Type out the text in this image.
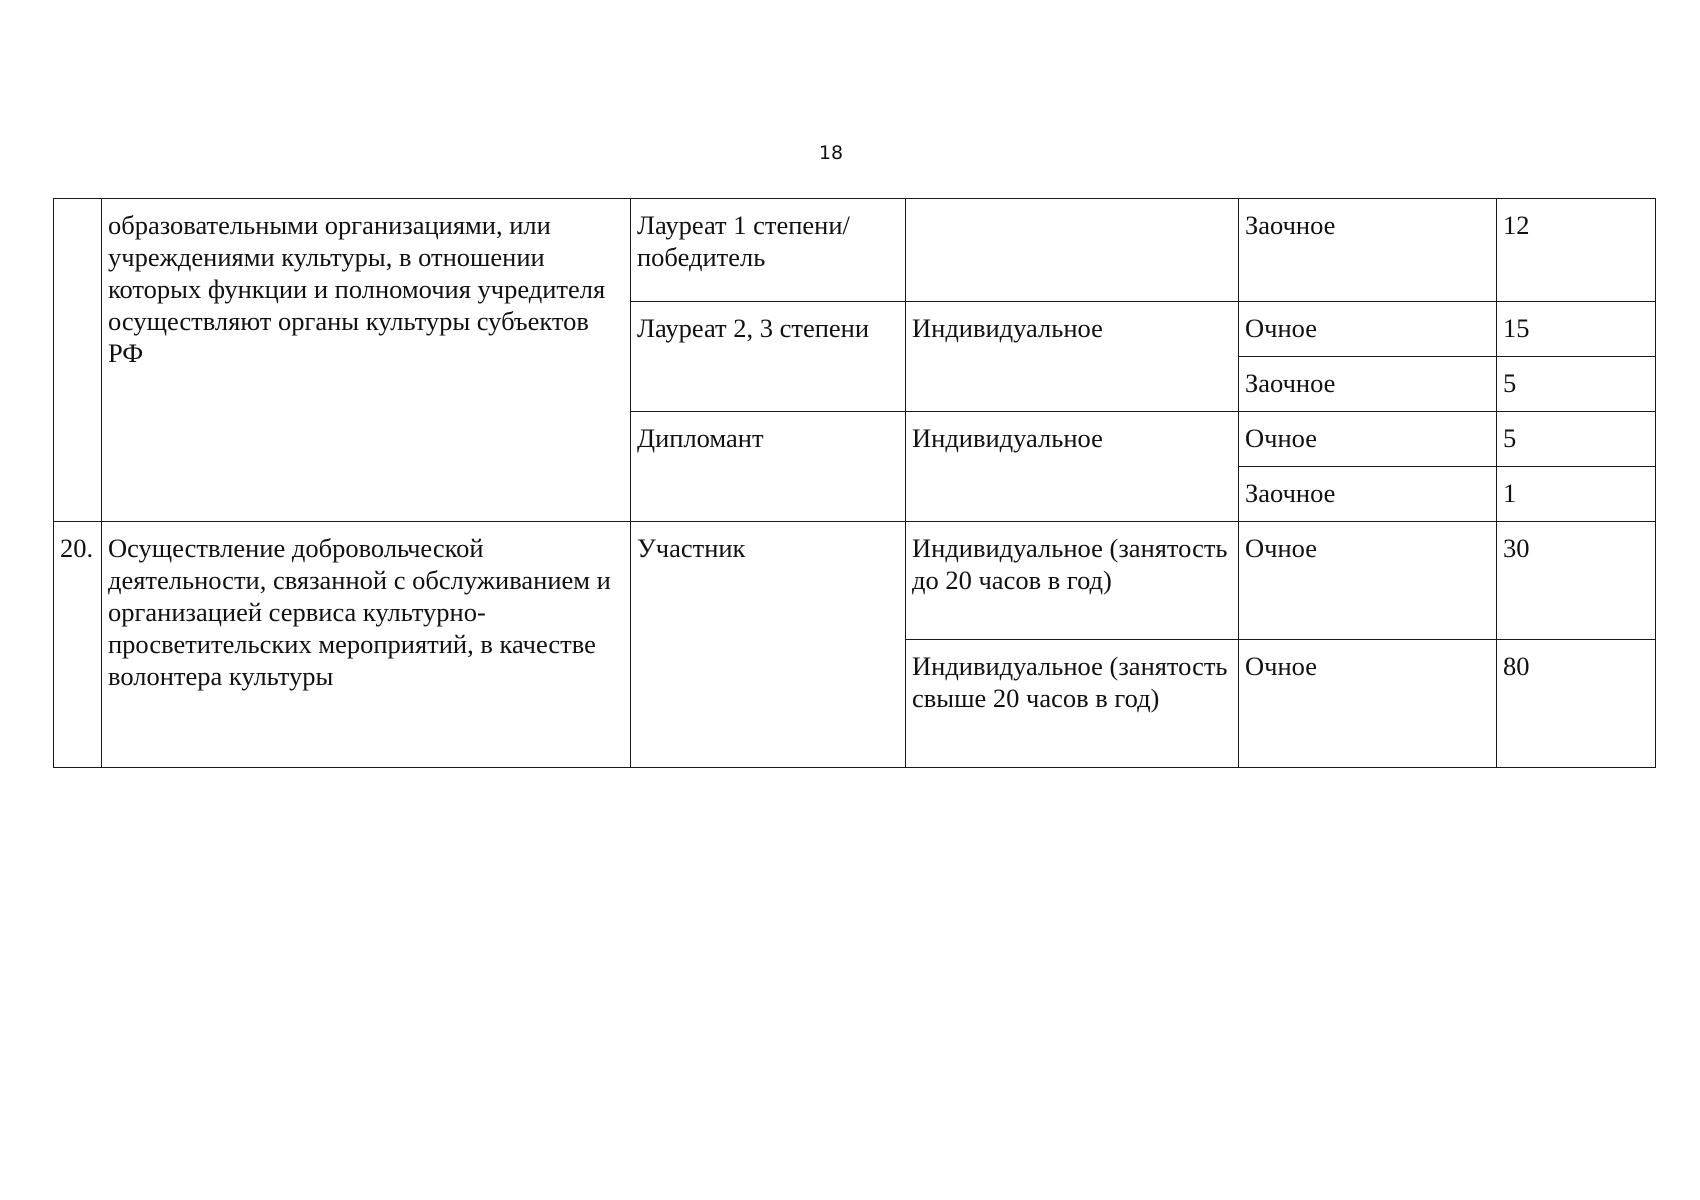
18
	образовательными организациями, или учреждениями культуры, в отношении которых функции и полномочия учредителя осуществляют органы культуры субъектов РФ	Лауреат 1 степени/победитель		Заочное	12
		Лауреат 2, 3 степени	Индивидуальное	Очное	15
				Заочное	5
		Дипломант	Индивидуальное	Очное	5
				Заочное	1
20.	Осуществление добровольческой деятельности, связанной с обслуживанием и организацией сервиса культурно-просветительских мероприятий, в качестве волонтера культуры	Участник	Индивидуальное (занятость до 20 часов в год)	Очное	30
			Индивидуальное (занятость свыше 20 часов в год)	Очное	80
